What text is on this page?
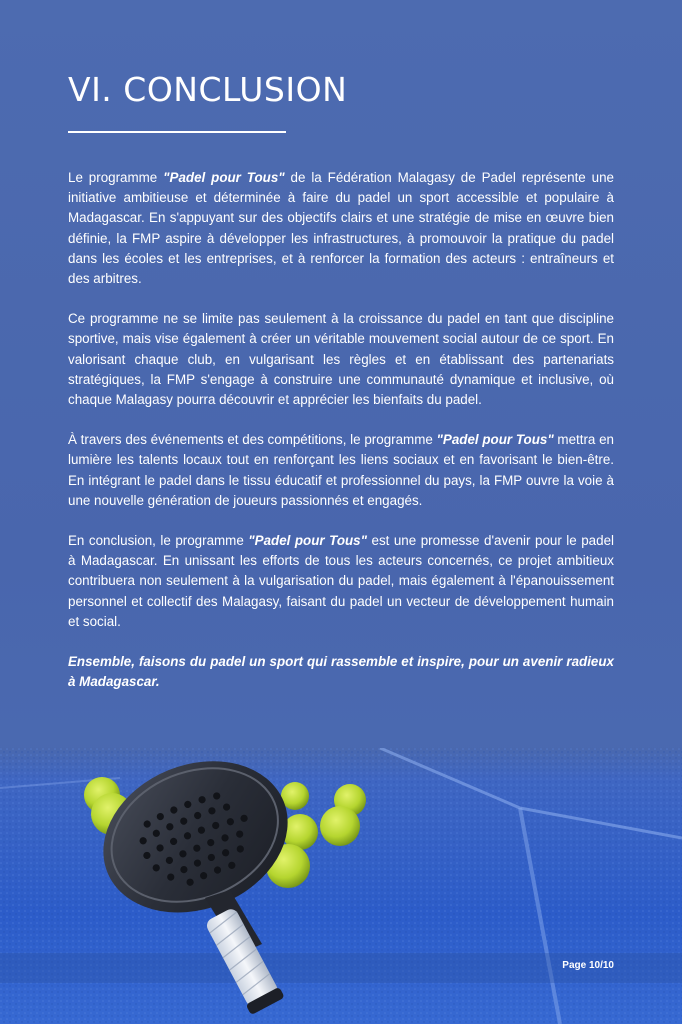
VI. CONCLUSION

Le programme "Padel pour Tous" de la Fédération Malagasy de Padel représente une initiative ambitieuse et déterminée à faire du padel un sport accessible et populaire à Madagascar. En s'appuyant sur des objectifs clairs et une stratégie de mise en œuvre bien définie, la FMP aspire à développer les infrastructures, à promouvoir la pratique du padel dans les écoles et les entreprises, et à renforcer la formation des acteurs : entraîneurs et des arbitres.

Ce programme ne se limite pas seulement à la croissance du padel en tant que discipline sportive, mais vise également à créer un véritable mouvement social autour de ce sport. En valorisant chaque club, en vulgarisant les règles et en établissant des partenariats stratégiques, la FMP s'engage à construire une communauté dynamique et inclusive, où chaque Malagasy pourra découvrir et apprécier les bienfaits du padel.

À travers des événements et des compétitions, le programme "Padel pour Tous" mettra en lumière les talents locaux tout en renforçant les liens sociaux et en favorisant le bien-être. En intégrant le padel dans le tissu éducatif et professionnel du pays, la FMP ouvre la voie à une nouvelle génération de joueurs passionnés et engagés.

En conclusion, le programme "Padel pour Tous" est une promesse d'avenir pour le padel à Madagascar. En unissant les efforts de tous les acteurs concernés, ce projet ambitieux contribuera non seulement à la vulgarisation du padel, mais également à l'épanouissement personnel et collectif des Malagasy, faisant du padel un vecteur de développement humain et social.

Ensemble, faisons du padel un sport qui rassemble et inspire, pour un avenir radieux à Madagascar.

Page 10/10
